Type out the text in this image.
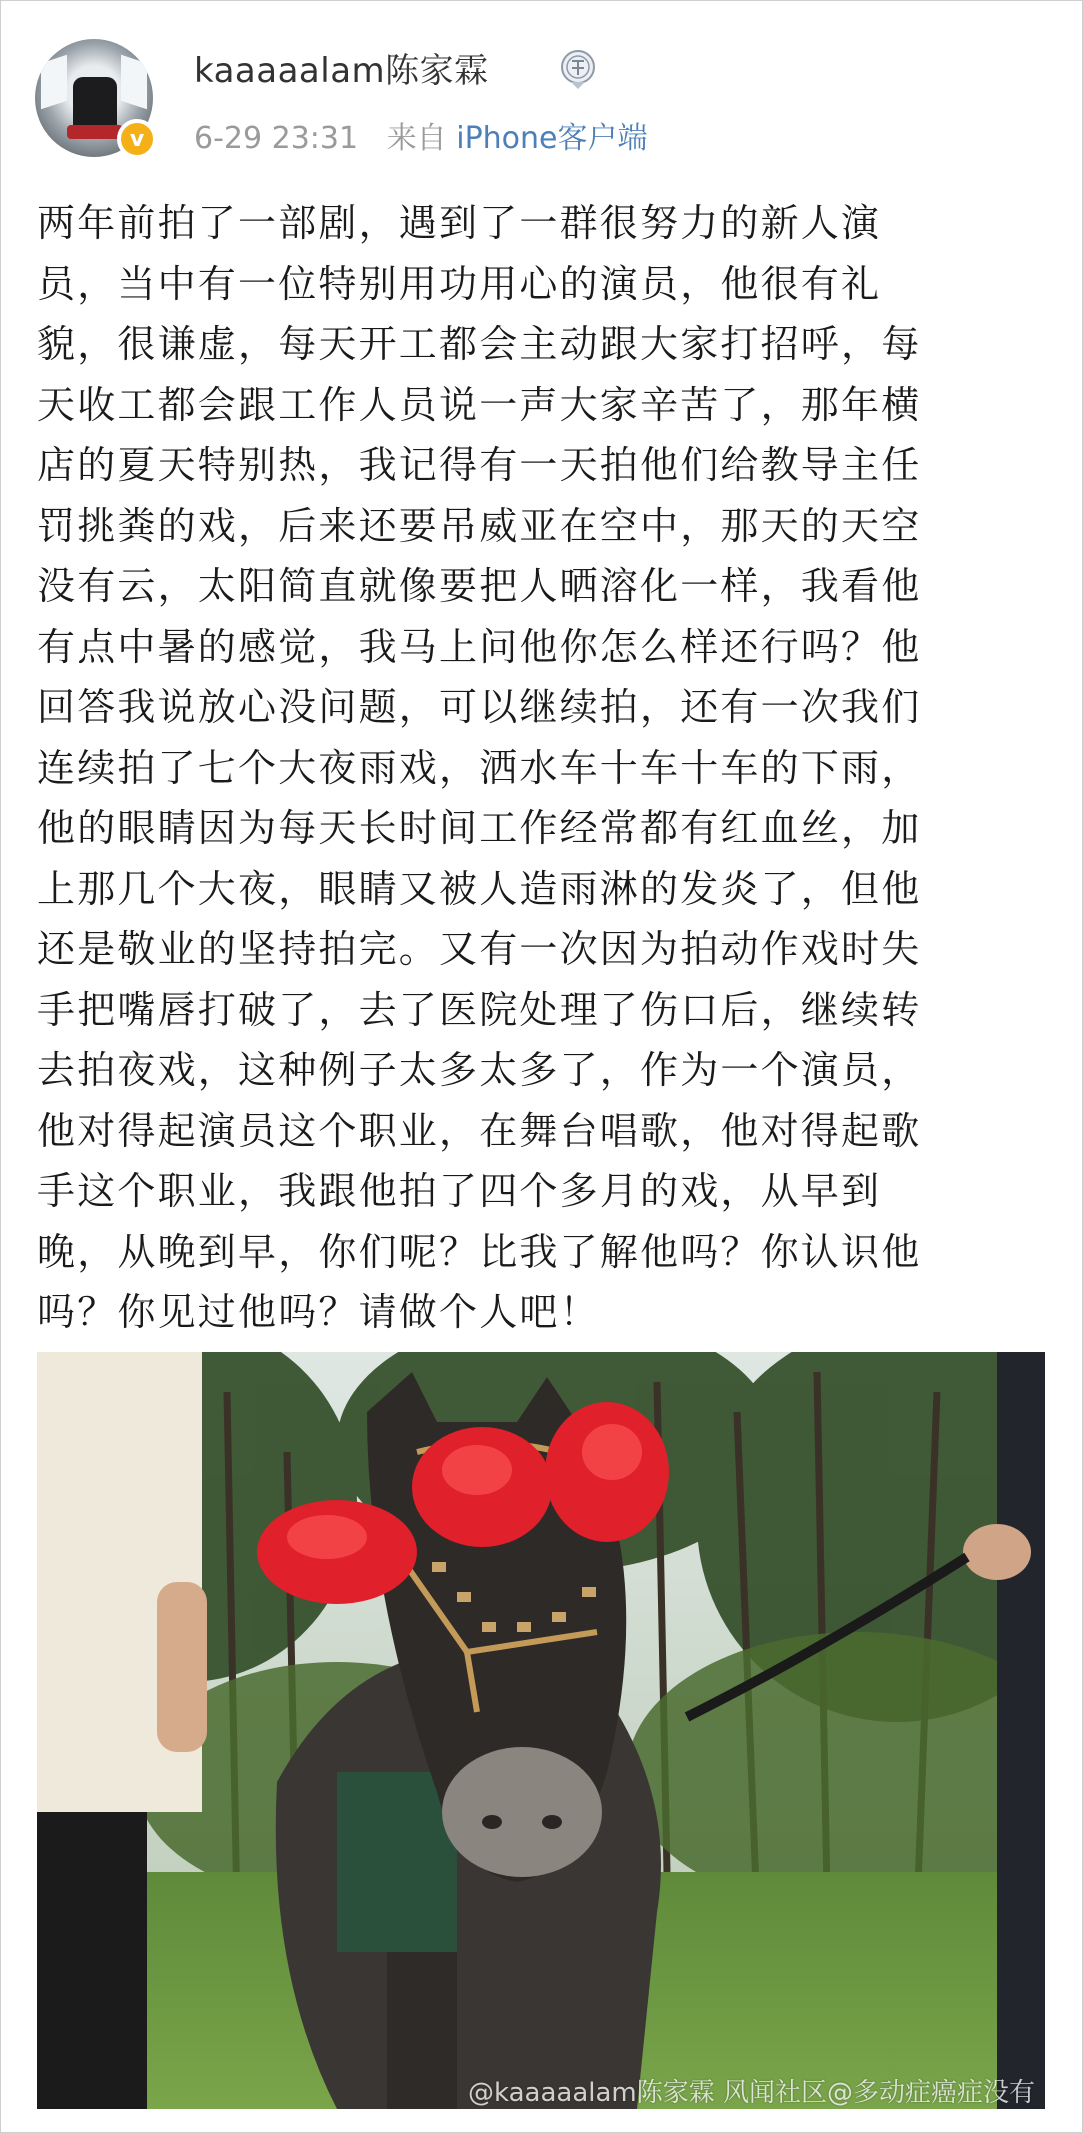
v
kaaaaalam陈家霖
6-29 23:31 来自 iPhone客户端
两年前拍了一部剧，遇到了一群很努力的新人演
员，当中有一位特别用功用心的演员，他很有礼
貌，很谦虚，每天开工都会主动跟大家打招呼，每
天收工都会跟工作人员说一声大家辛苦了，那年横
店的夏天特别热，我记得有一天拍他们给教导主任
罚挑粪的戏，后来还要吊威亚在空中，那天的天空
没有云，太阳简直就像要把人晒溶化一样，我看他
有点中暑的感觉，我马上问他你怎么样还行吗？他
回答我说放心没问题，可以继续拍，还有一次我们
连续拍了七个大夜雨戏，洒水车十车十车的下雨，
他的眼睛因为每天长时间工作经常都有红血丝，加
上那几个大夜，眼睛又被人造雨淋的发炎了，但他
还是敬业的坚持拍完。又有一次因为拍动作戏时失
手把嘴唇打破了，去了医院处理了伤口后，继续转
去拍夜戏，这种例子太多太多了，作为一个演员，
他对得起演员这个职业，在舞台唱歌，他对得起歌
手这个职业，我跟他拍了四个多月的戏，从早到
晚，从晚到早，你们呢？比我了解他吗？你认识他
吗？你见过他吗？请做个人吧！
@kaaaaalam陈家霖 风闻社区@多动症癌症没有
